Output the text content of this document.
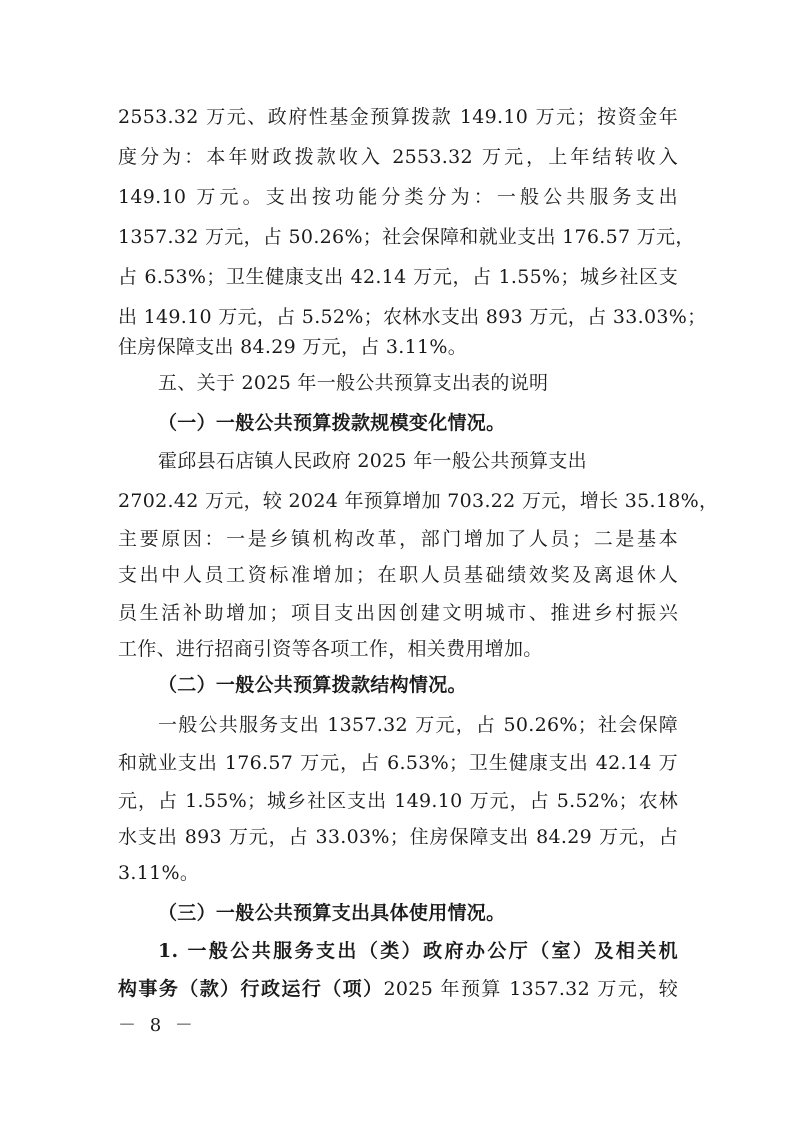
2553.32 万元、政府性基金预算拨款 149.10 万元；按资金年
度分为：本年财政拨款收入 2553.32 万元，上年结转收入
149.10 万元。支出按功能分类分为：一般公共服务支出
1357.32 万元，占 50.26%；社会保障和就业支出 176.57 万元，
占 6.53%；卫生健康支出 42.14 万元，占 1.55%；城乡社区支
出 149.10 万元，占 5.52%；农林水支出 893 万元，占 33.03%；
住房保障支出 84.29 万元，占 3.11%。
五、关于 2025 年一般公共预算支出表的说明
（一）一般公共预算拨款规模变化情况。
霍邱县石店镇人民政府 2025 年一般公共预算支出
2702.42 万元，较 2024 年预算增加 703.22 万元，增长 35.18%，
主要原因：一是乡镇机构改革，部门增加了人员；二是基本
支出中人员工资标准增加；在职人员基础绩效奖及离退休人
员生活补助增加；项目支出因创建文明城市、推进乡村振兴
工作、进行招商引资等各项工作，相关费用增加。
（二）一般公共预算拨款结构情况。
一般公共服务支出 1357.32 万元，占 50.26%；社会保障
和就业支出 176.57 万元，占 6.53%；卫生健康支出 42.14 万
元，占 1.55%；城乡社区支出 149.10 万元，占 5.52%；农林
水支出 893 万元，占 33.03%；住房保障支出 84.29 万元，占
3.11%。
（三）一般公共预算支出具体使用情况。
1. 一般公共服务支出（类）政府办公厅（室）及相关机
构事务（款）行政运行（项）2025 年预算 1357.32 万元，较
－ 8 －
